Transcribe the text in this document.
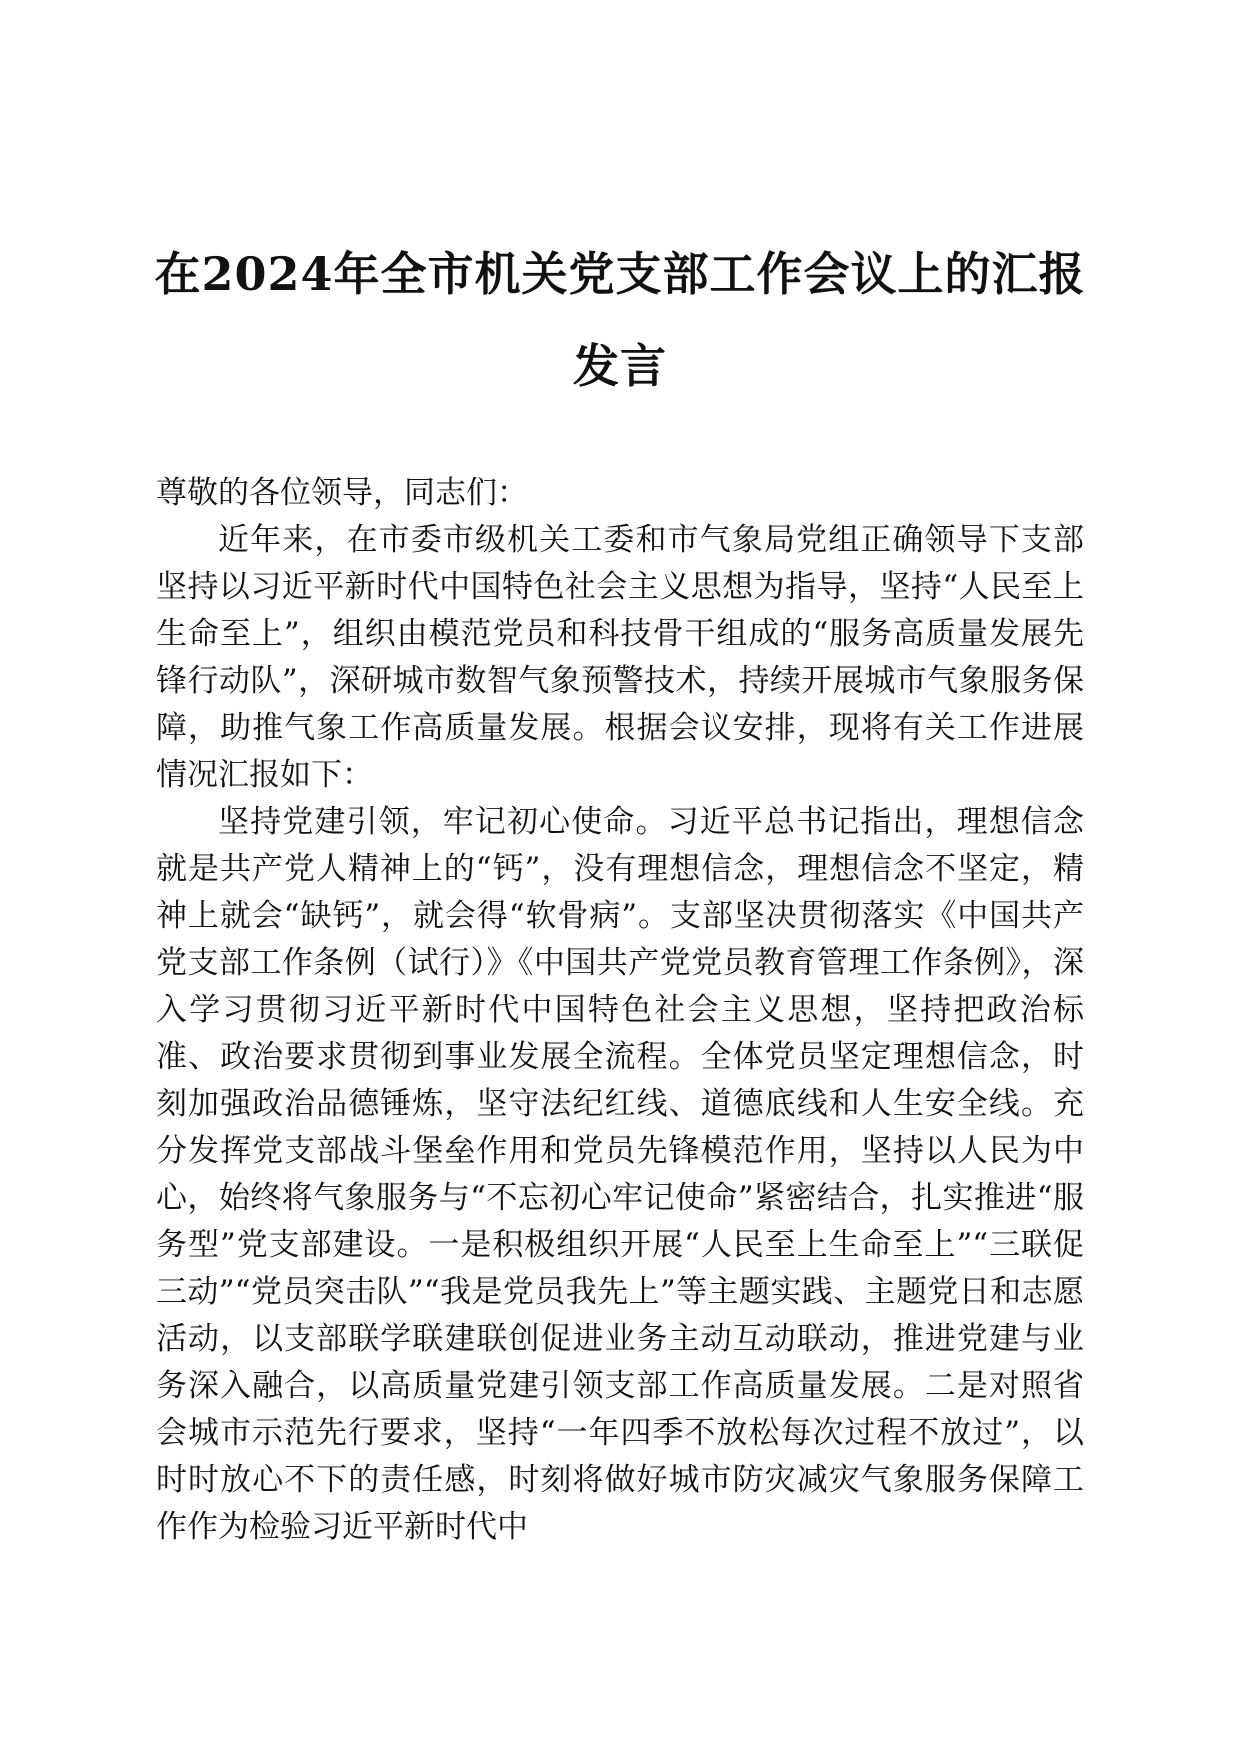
在2024年全市机关党支部工作会议上的汇报
发言

尊敬的各位领导，同志们：

近年来，在市委市级机关工委和市气象局党组正确领导下支部坚持以习近平新时代中国特色社会主义思想为指导，坚持“人民至上生命至上”，组织由模范党员和科技骨干组成的“服务高质量发展先锋行动队”，深研城市数智气象预警技术，持续开展城市气象服务保障，助推气象工作高质量发展。根据会议安排，现将有关工作进展情况汇报如下：

坚持党建引领，牢记初心使命。习近平总书记指出，理想信念就是共产党人精神上的“钙”，没有理想信念，理想信念不坚定，精神上就会“缺钙”，就会得“软骨病”。支部坚决贯彻落实《中国共产党支部工作条例（试行）》《中国共产党党员教育管理工作条例》，深入学习贯彻习近平新时代中国特色社会主义思想，坚持把政治标准、政治要求贯彻到事业发展全流程。全体党员坚定理想信念，时刻加强政治品德锤炼，坚守法纪红线、道德底线和人生安全线。充分发挥党支部战斗堡垒作用和党员先锋模范作用，坚持以人民为中心，始终将气象服务与“不忘初心牢记使命”紧密结合，扎实推进“服务型”党支部建设。一是积极组织开展“人民至上生命至上”“三联促三动”“党员突击队”“我是党员我先上”等主题实践、主题党日和志愿活动，以支部联学联建联创促进业务主动互动联动，推进党建与业务深入融合，以高质量党建引领支部工作高质量发展。二是对照省会城市示范先行要求，坚持“一年四季不放松每次过程不放过”，以时时放心不下的责任感，时刻将做好城市防灾减灾气象服务保障工作作为检验习近平新时代中
